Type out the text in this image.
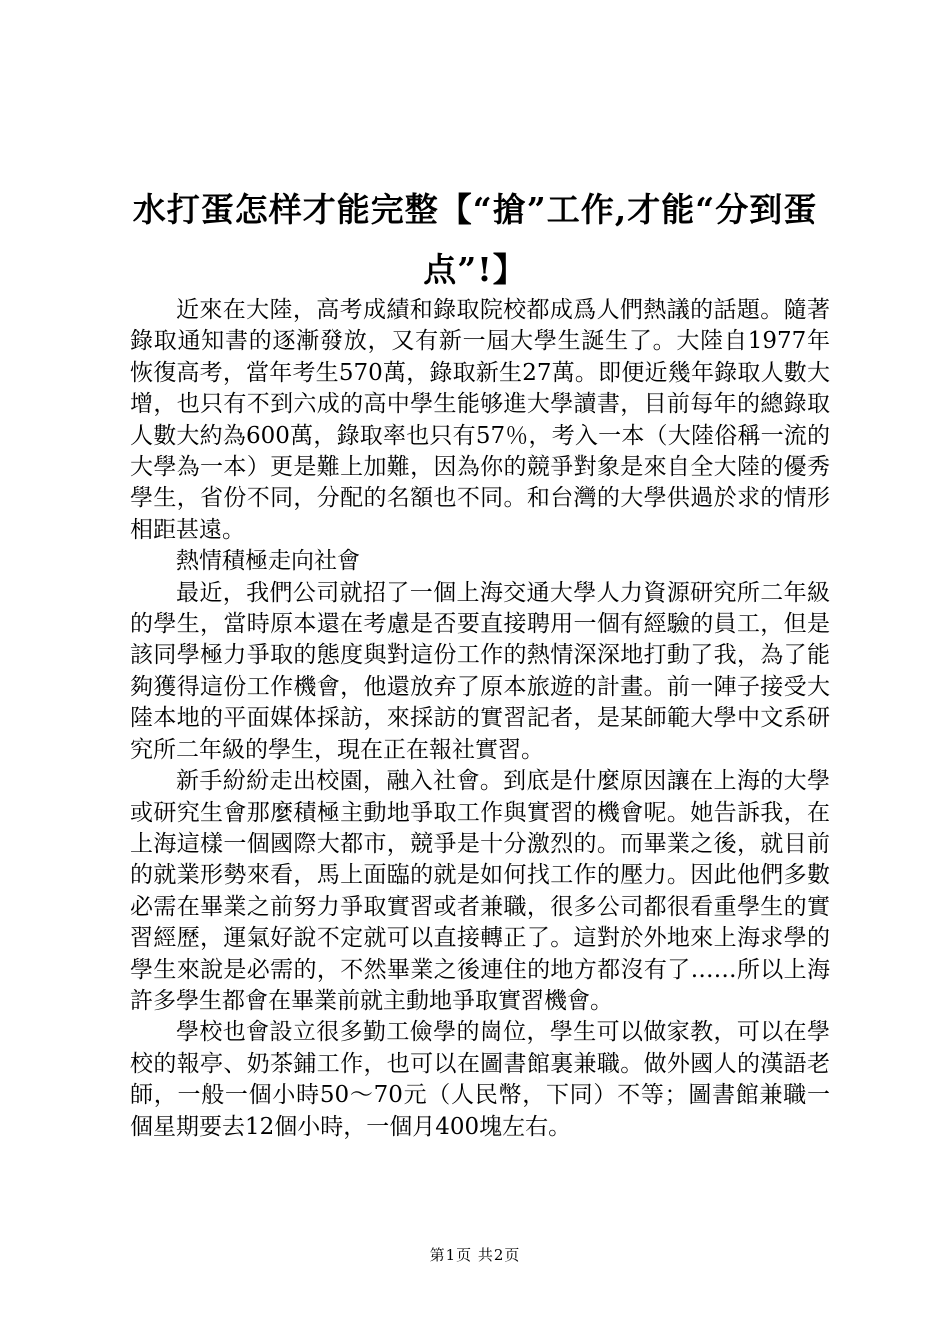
水打蛋怎样才能完整【“搶”工作,才能“分到蛋点”!】

近來在大陸，高考成績和錄取院校都成爲人們熱議的話題。隨著錄取通知書的逐漸發放，又有新一屆大學生誕生了。大陸自1977年恢復高考，當年考生570萬，錄取新生27萬。即便近幾年錄取人數大增，也只有不到六成的高中學生能够進大學讀書，目前每年的總錄取人數大約為600萬，錄取率也只有57％，考入一本（大陸俗稱一流的大學為一本）更是難上加難，因為你的競爭對象是來自全大陸的優秀學生，省份不同，分配的名額也不同。和台灣的大學供過於求的情形相距甚遠。

熱情積極走向社會

最近，我們公司就招了一個上海交通大學人力資源研究所二年級的學生，當時原本還在考慮是否要直接聘用一個有經驗的員工，但是該同學極力爭取的態度與對這份工作的熱情深深地打動了我，為了能夠獲得這份工作機會，他還放弃了原本旅遊的計畫。前一陣子接受大陸本地的平面媒体採訪，來採訪的實習記者，是某師範大學中文系研究所二年級的學生，現在正在報社實習。

新手紛紛走出校園，融入社會。到底是什麼原因讓在上海的大學或研究生會那麼積極主動地爭取工作與實習的機會呢。她告訴我，在上海這樣一個國際大都市，競爭是十分激烈的。而畢業之後，就目前的就業形勢來看，馬上面臨的就是如何找工作的壓力。因此他們多數必需在畢業之前努力爭取實習或者兼職，很多公司都很看重學生的實習經歷，運氣好說不定就可以直接轉正了。這對於外地來上海求學的學生來說是必需的，不然畢業之後連住的地方都沒有了……所以上海許多學生都會在畢業前就主動地爭取實習機會。

學校也會設立很多勤工儉學的崗位，學生可以做家教，可以在學校的報亭、奶茶鋪工作，也可以在圖書館裏兼職。做外國人的漢語老師，一般一個小時50～70元（人民幣，下同）不等；圖書館兼職一個星期要去12個小時，一個月400塊左右。

第1页 共2页
